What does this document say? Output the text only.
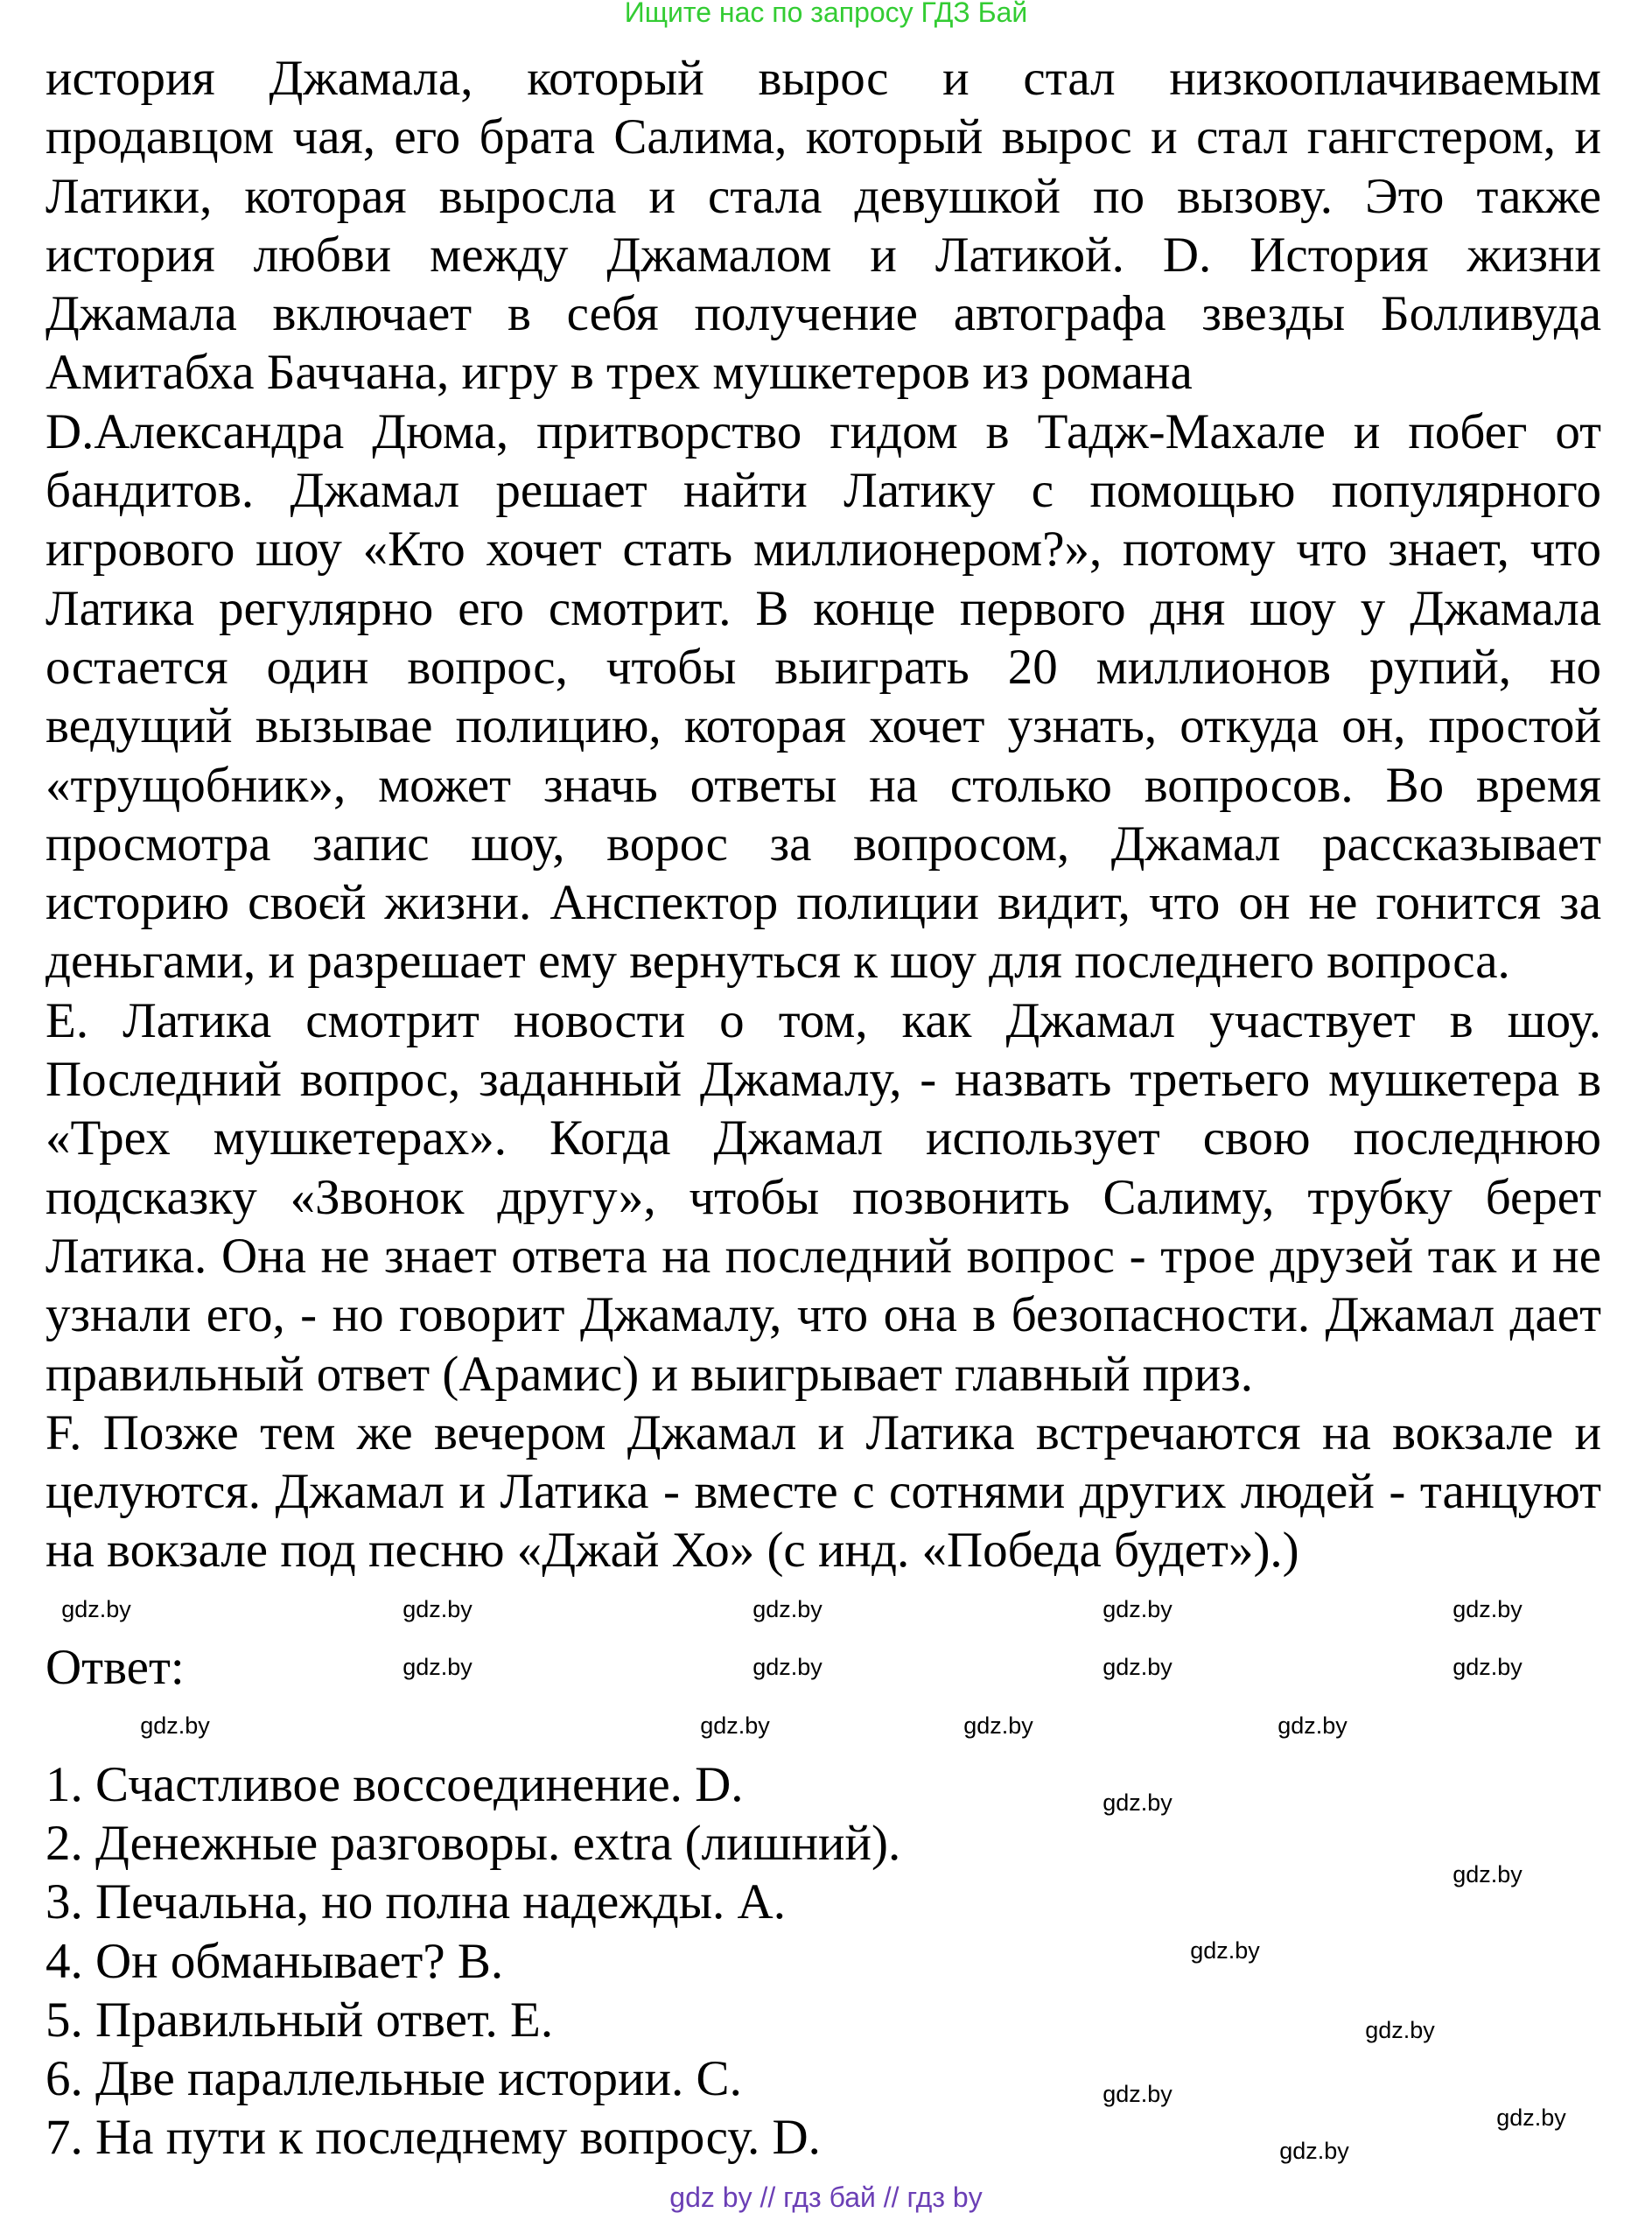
Ищите нас по запросу ГДЗ Бай
история Джамала, который вырос и стал низкооплачиваемым
продавцом чая, его брата Салима, который вырос и стал гангстером, и
Латики, которая выросла и стала девушкой по вызову. Это также
история любви между Джамалом и Латикой. D. История жизни
Джамала включает в себя получение автографа звезды Болливуда
Амитабха Баччана, игру в трех мушкетеров из романа
D.Александра Дюма, притворство гидом в Тадж-Махале и побег от
бандитов. Джамал решает найти Латику с помощью популярного
игрового шоу «Кто хочет стать миллионером?», потому что знает, что
Латика регулярно его смотрит. В конце первого дня шоу у Джамала
остается один вопрос, чтобы выиграть 20 миллионов рупий, но
ведущий вызывае полицию, которая хочет узнать, откуда он, простой
«трущобник», может значь ответы на столько вопросов. Во время
просмотра запис шоу, ворос за вопросом, Джамал рассказывает
историю своєй жизни. Анспектор полиции видит, что он не гонится за
деньгами, и разрешает ему вернуться к шоу для последнего вопроса.
E. Латика смотрит новости о том, как Джамал участвует в шоу.
Последний вопрос, заданный Джамалу, - назвать третьего мушкетера в
«Трех мушкетерах». Когда Джамал использует свою последнюю
подсказку «Звонок другу», чтобы позвонить Салиму, трубку берет
Латика. Она не знает ответа на последний вопрос - трое друзей так и не
узнали его, - но говорит Джамалу, что она в безопасности. Джамал дает
правильный ответ (Арамис) и выигрывает главный приз.
F. Позже тем же вечером Джамал и Латика встречаются на вокзале и
целуются. Джамал и Латика - вместе с сотнями других людей - танцуют
на вокзале под песню «Джай Хо» (с инд. «Победа будет»).)
Ответ:
1. Счастливое воссоединение. D.
2. Денежные разговоры. extra (лишний).
3. Печальна, но полна надежды. A.
4. Он обманывает? B.
5. Правильный ответ. E.
6. Две параллельные истории. C.
7. На пути к последнему вопросу. D.
gdz.by	gdz.by	gdz.by	gdz.by	gdz.by
gdz.by	gdz.by	gdz.by	gdz.by
gdz.by	gdz.by	gdz.by	gdz.by
gdz.by
gdz.by
gdz.by
gdz.by
gdz.by
gdz.by
gdz.by
gdz by // гдз бай // гдз by
